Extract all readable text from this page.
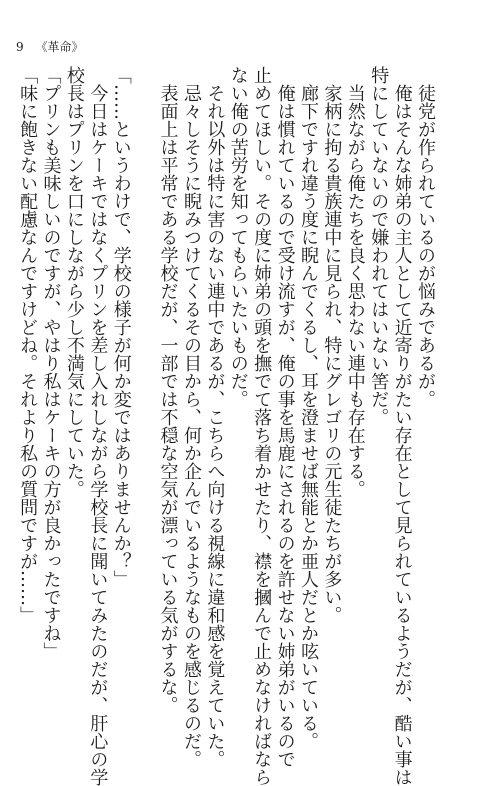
9 《革命》
　徒党が作られているのが悩みであるが。
　俺はそんな姉弟の主人として近寄りがたい存在として見られているようだが、酷い事は
特にしていないので嫌われてはいない筈だ。
　当然ながら俺たちを良く思わない連中も存在する。
　家柄に拘る貴族連中に見られ、特にグレゴリの元生徒たちが多い。
　廊下ですれ違う度に睨んでくるし、耳を澄ませば無能とか亜人だとか呟いている。
　俺は慣れているので受け流すが、俺の事を馬鹿にされるのを許せない姉弟がいるので
止めてほしい。その度に姉弟の頭を撫でて落ち着かせたり、襟を摑んで止めなければなら
ない俺の苦労を知ってもらいたいものだ。
　それ以外は特に害のない連中であるが、こちらへ向ける視線に違和感を覚えていた。
　忌々しそうに睨みつけてくるその目から、何か企んでいるようなものを感じるのだ。
　表面上は平常である学校だが、一部では不穏な空気が漂っている気がするな。

「……というわけで、学校の様子が何か変ではありませんか？」
　今日はケーキではなくプリンを差し入れしながら学校長に聞いてみたのだが、肝心の学
校長はプリンを口にしながら少し不満気にしていた。
「プリンも美味しいのですが、やはり私はケーキの方が良かったですね」
「味に飽きない配慮なんですけどね。それより私の質問ですが……」
